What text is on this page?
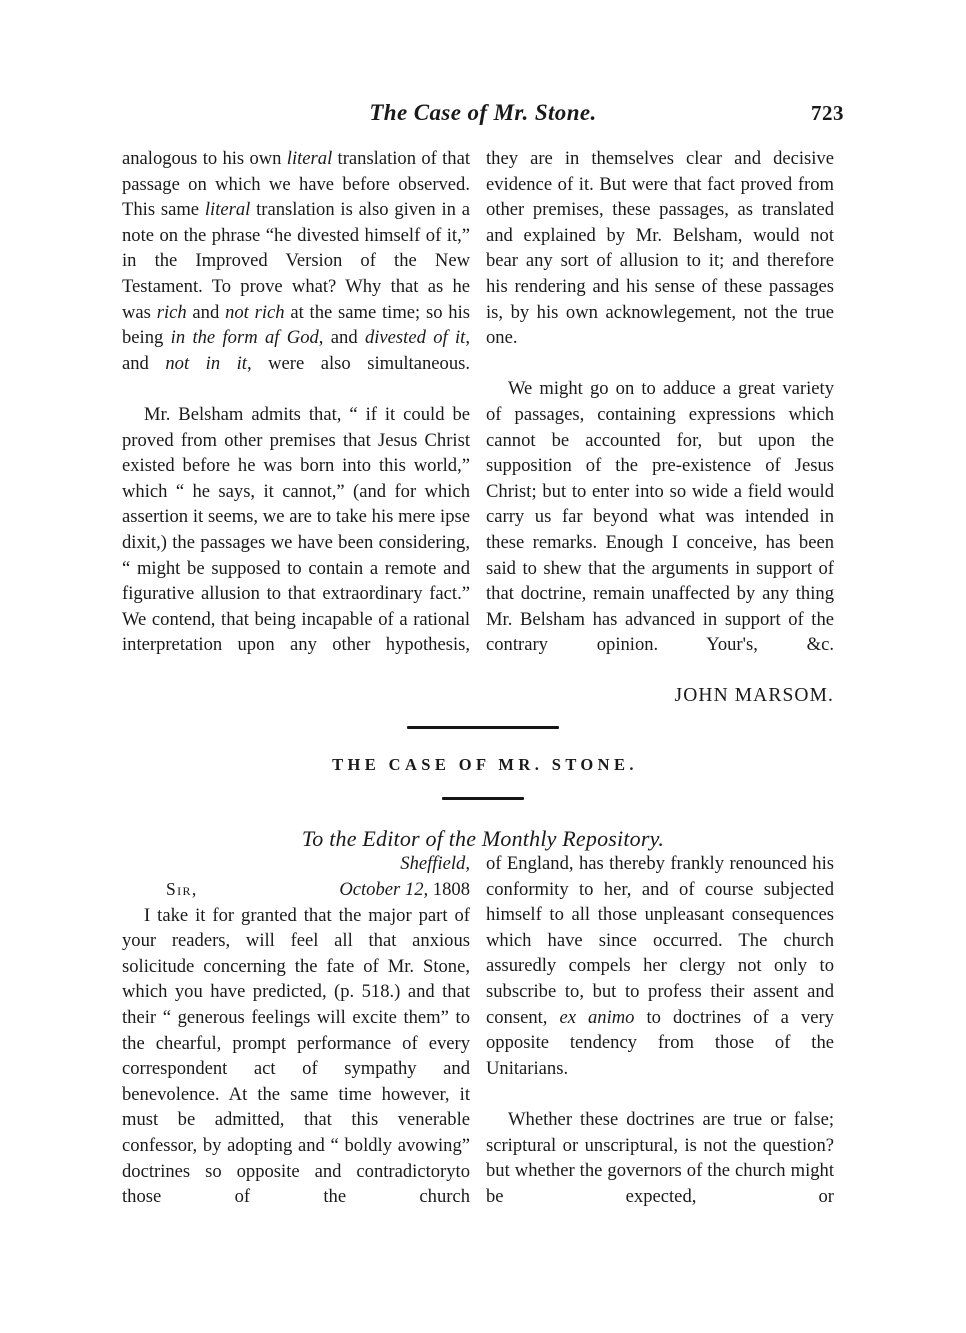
The Case of Mr. Stone.	723

analogous to his own literal translation of that passage on which we have before observed. This same literal translation is also given in a note on the phrase “he divested himself of it,” in the Improved Version of the New Testament. To prove what? Why that as he was rich and not rich at the same time; so his being in the form af God, and divested of it, and not in it, were also simultaneous.

Mr. Belsham admits that, “ if it could be proved from other premises that Jesus Christ existed before he was born into this world,” which “ he says, it cannot,” (and for which assertion it seems, we are to take his mere ipse dixit,) the passages we have been considering, “ might be supposed to contain a remote and figurative allusion to that extraordinary fact.” We contend, that being incapable of a rational interpretation upon any other hypothesis,

they are in themselves clear and decisive evidence of it. But were that fact proved from other premises, these passages, as translated and explained by Mr. Belsham, would not bear any sort of allusion to it; and therefore his rendering and his sense of these passages is, by his own acknowlegement, not the true one.

We might go on to adduce a great variety of passages, containing expressions which cannot be accounted for, but upon the supposition of the pre-existence of Jesus Christ; but to enter into so wide a field would carry us far beyond what was intended in these remarks. Enough I conceive, has been said to shew that the arguments in support of that doctrine, remain unaffected by any thing Mr. Belsham has advanced in support of the contrary opinion. Your's, &c.

JOHN MARSOM.

THE CASE OF MR. STONE.
To the Editor of the Monthly Repository.

Sheffield,

Sir,	October 12, 1808

I take it for granted that the major part of your readers, will feel all that anxious solicitude concerning the fate of Mr. Stone, which you have predicted, (p. 518.) and that their “ generous feelings will excite them” to the chearful, prompt performance of every correspondent act of sympathy and benevolence. At the same time however, it must be admitted, that this venerable confessor, by adopting and “ boldly avowing” doctrines so opposite and contradictoryto those of the church

of England, has thereby frankly renounced his conformity to her, and of course subjected himself to all those unpleasant consequences which have since occurred. The church assuredly compels her clergy not only to subscribe to, but to profess their assent and consent, ex animo to doctrines of a very opposite tendency from those of the Unitarians.

Whether these doctrines are true or false; scriptural or unscriptural, is not the question? but whether the governors of the church might be expected, or
